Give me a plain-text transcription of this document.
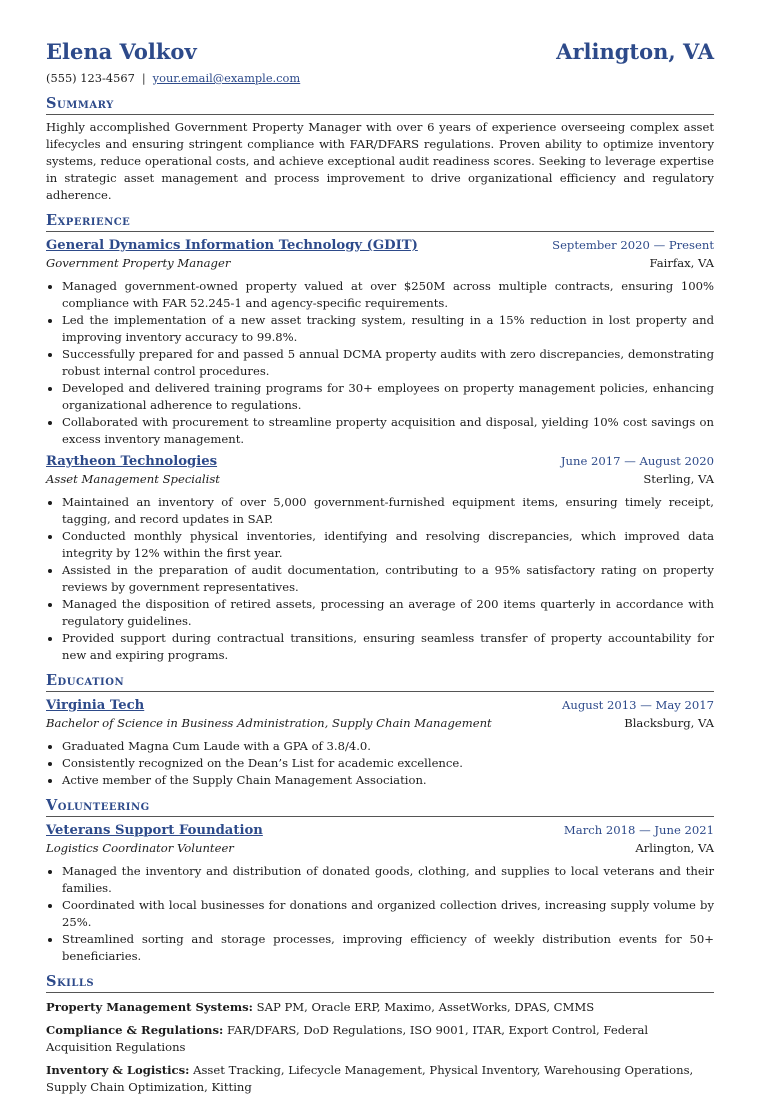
Elena Volkov	Arlington, VA
(555) 123-4567 | your.email@example.com
Summary
Highly accomplished Government Property Manager with over 6 years of experience overseeing complex asset lifecycles and ensuring stringent compliance with FAR/DFARS regulations. Proven ability to optimize inventory systems, reduce operational costs, and achieve exceptional audit readiness scores. Seeking to leverage expertise in strategic asset management and process improvement to drive organizational efficiency and regulatory adherence.
Experience
General Dynamics Information Technology (GDIT)	September 2020 — Present
Government Property Manager	Fairfax, VA
• Managed government-owned property valued at over $250M across multiple contracts, ensuring 100% compliance with FAR 52.245-1 and agency-specific requirements.
• Led the implementation of a new asset tracking system, resulting in a 15% reduction in lost property and improving inventory accuracy to 99.8%.
• Successfully prepared for and passed 5 annual DCMA property audits with zero discrepancies, demonstrating robust internal control procedures.
• Developed and delivered training programs for 30+ employees on property management policies, enhancing organizational adherence to regulations.
• Collaborated with procurement to streamline property acquisition and disposal, yielding 10% cost savings on excess inventory management.
Raytheon Technologies	June 2017 — August 2020
Asset Management Specialist	Sterling, VA
• Maintained an inventory of over 5,000 government-furnished equipment items, ensuring timely receipt, tagging, and record updates in SAP.
• Conducted monthly physical inventories, identifying and resolving discrepancies, which improved data integrity by 12% within the first year.
• Assisted in the preparation of audit documentation, contributing to a 95% satisfactory rating on property reviews by government representatives.
• Managed the disposition of retired assets, processing an average of 200 items quarterly in accordance with regulatory guidelines.
• Provided support during contractual transitions, ensuring seamless transfer of property accountability for new and expiring programs.
Education
Virginia Tech	August 2013 — May 2017
Bachelor of Science in Business Administration, Supply Chain Management	Blacksburg, VA
• Graduated Magna Cum Laude with a GPA of 3.8/4.0.
• Consistently recognized on the Dean’s List for academic excellence.
• Active member of the Supply Chain Management Association.
Volunteering
Veterans Support Foundation	March 2018 — June 2021
Logistics Coordinator Volunteer	Arlington, VA
• Managed the inventory and distribution of donated goods, clothing, and supplies to local veterans and their families.
• Coordinated with local businesses for donations and organized collection drives, increasing supply volume by 25%.
• Streamlined sorting and storage processes, improving efficiency of weekly distribution events for 50+ beneficiaries.
Skills
Property Management Systems: SAP PM, Oracle ERP, Maximo, AssetWorks, DPAS, CMMS
Compliance & Regulations: FAR/DFARS, DoD Regulations, ISO 9001, ITAR, Export Control, Federal Acquisition Regulations
Inventory & Logistics: Asset Tracking, Lifecycle Management, Physical Inventory, Warehousing Operations, Supply Chain Optimization, Kitting
